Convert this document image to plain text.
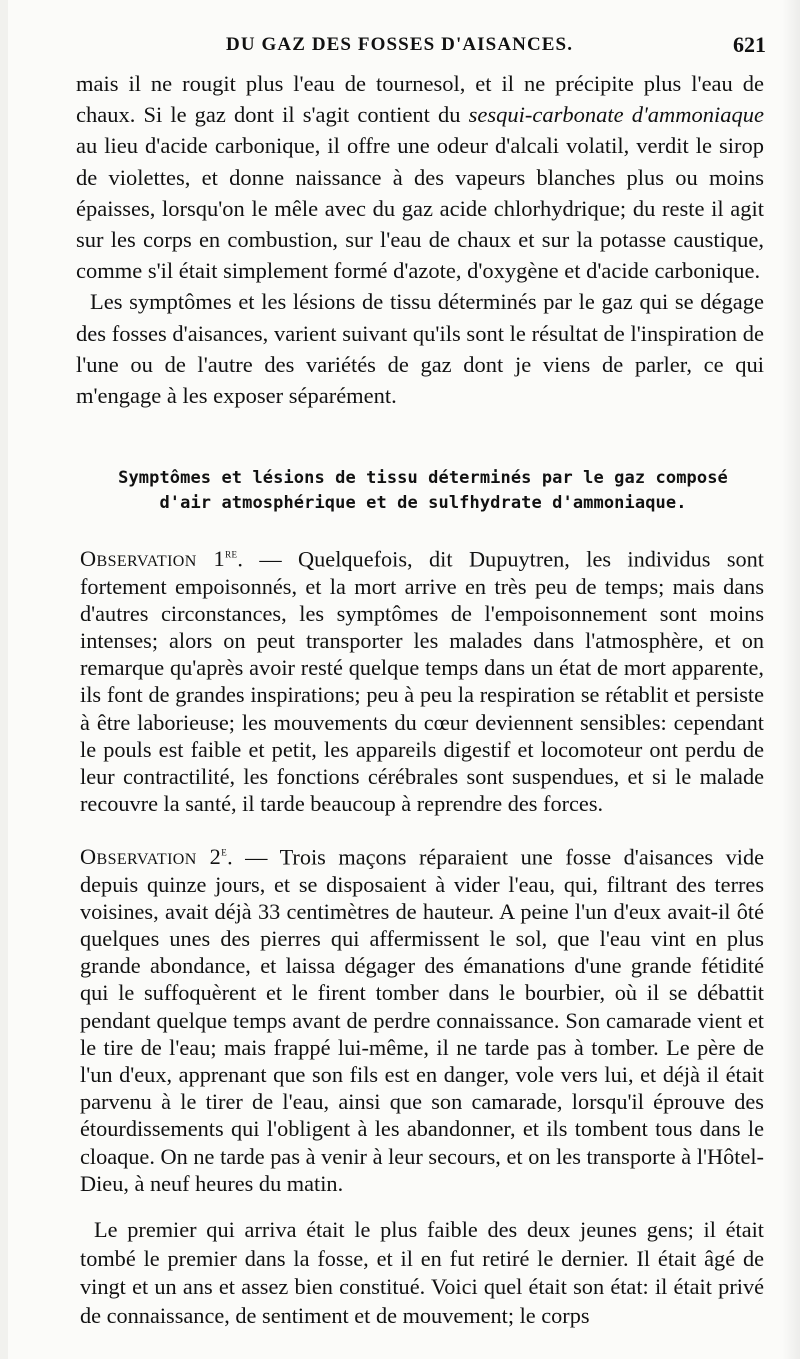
DU GAZ DES FOSSES D'AISANCES.	621

mais il ne rougit plus l'eau de tournesol, et il ne précipite plus l'eau de chaux. Si le gaz dont il s'agit contient du sesqui-carbonate d'ammoniaque au lieu d'acide carbonique, il offre une odeur d'alcali volatil, verdit le sirop de violettes, et donne naissance à des vapeurs blanches plus ou moins épaisses, lorsqu'on le mêle avec du gaz acide chlorhydrique; du reste il agit sur les corps en combustion, sur l'eau de chaux et sur la potasse caustique, comme s'il était simplement formé d'azote, d'oxygène et d'acide carbonique.

Les symptômes et les lésions de tissu déterminés par le gaz qui se dégage des fosses d'aisances, varient suivant qu'ils sont le résultat de l'inspiration de l'une ou de l'autre des variétés de gaz dont je viens de parler, ce qui m'engage à les exposer séparément.

Symptômes et lésions de tissu déterminés par le gaz composé d'air atmosphérique et de sulfhydrate d'ammoniaque.
Observation 1re. — Quelquefois, dit Dupuytren, les individus sont fortement empoisonnés, et la mort arrive en très peu de temps; mais dans d'autres circonstances, les symptômes de l'empoisonnement sont moins intenses; alors on peut transporter les malades dans l'atmosphère, et on remarque qu'après avoir resté quelque temps dans un état de mort apparente, ils font de grandes inspirations; peu à peu la respiration se rétablit et persiste à être laborieuse; les mouvements du cœur deviennent sensibles: cependant le pouls est faible et petit, les appareils digestif et locomoteur ont perdu de leur contractilité, les fonctions cérébrales sont suspendues, et si le malade recouvre la santé, il tarde beaucoup à reprendre des forces.
Observation 2e. — Trois maçons réparaient une fosse d'aisances vide depuis quinze jours, et se disposaient à vider l'eau, qui, filtrant des terres voisines, avait déjà 33 centimètres de hauteur. A peine l'un d'eux avait-il ôté quelques unes des pierres qui affermissent le sol, que l'eau vint en plus grande abondance, et laissa dégager des émanations d'une grande fétidité qui le suffoquèrent et le firent tomber dans le bourbier, où il se débattit pendant quelque temps avant de perdre connaissance. Son camarade vient et le tire de l'eau; mais frappé lui-même, il ne tarde pas à tomber. Le père de l'un d'eux, apprenant que son fils est en danger, vole vers lui, et déjà il était parvenu à le tirer de l'eau, ainsi que son camarade, lorsqu'il éprouve des étourdissements qui l'obligent à les abandonner, et ils tombent tous dans le cloaque. On ne tarde pas à venir à leur secours, et on les transporte à l'Hôtel-Dieu, à neuf heures du matin.
Le premier qui arriva était le plus faible des deux jeunes gens; il était tombé le premier dans la fosse, et il en fut retiré le dernier. Il était âgé de vingt et un ans et assez bien constitué. Voici quel était son état: il était privé de connaissance, de sentiment et de mouvement; le corps
